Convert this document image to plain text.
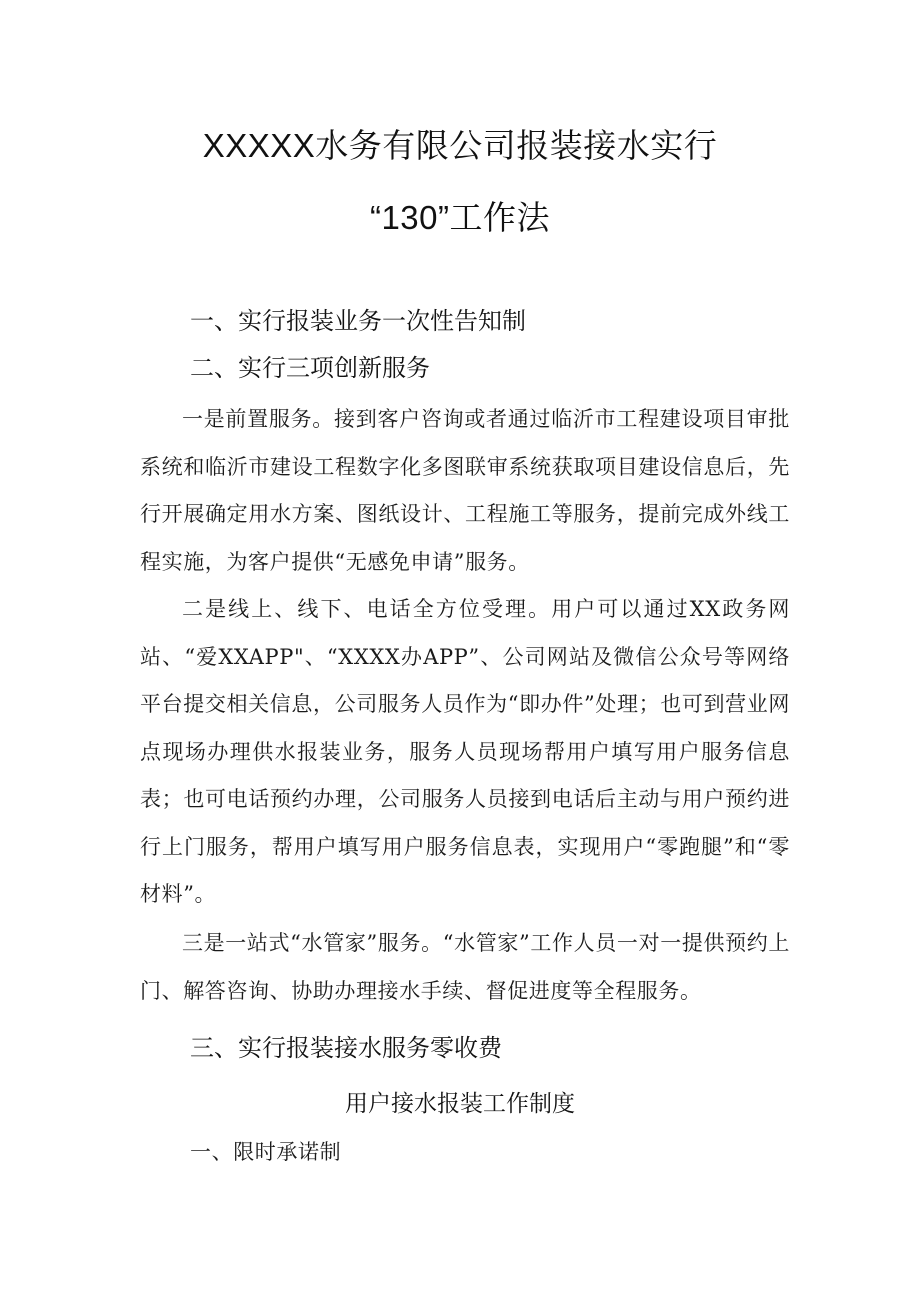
XXXXX水务有限公司报装接水实行
“130”工作法
一、实行报装业务一次性告知制
二、实行三项创新服务
一是前置服务。接到客户咨询或者通过临沂市工程建设项目审批系统和临沂市建设工程数字化多图联审系统获取项目建设信息后，先行开展确定用水方案、图纸设计、工程施工等服务，提前完成外线工程实施，为客户提供“无感免申请”服务。
二是线上、线下、电话全方位受理。用户可以通过XX政务网站、“爱XXAPP"、“XXXX办APP”、公司网站及微信公众号等网络平台提交相关信息，公司服务人员作为“即办件”处理；也可到营业网点现场办理供水报装业务，服务人员现场帮用户填写用户服务信息表；也可电话预约办理，公司服务人员接到电话后主动与用户预约进行上门服务，帮用户填写用户服务信息表，实现用户“零跑腿”和“零材料”。
三是一站式“水管家”服务。“水管家”工作人员一对一提供预约上门、解答咨询、协助办理接水手续、督促进度等全程服务。
三、实行报装接水服务零收费
用户接水报装工作制度
一、限时承诺制
